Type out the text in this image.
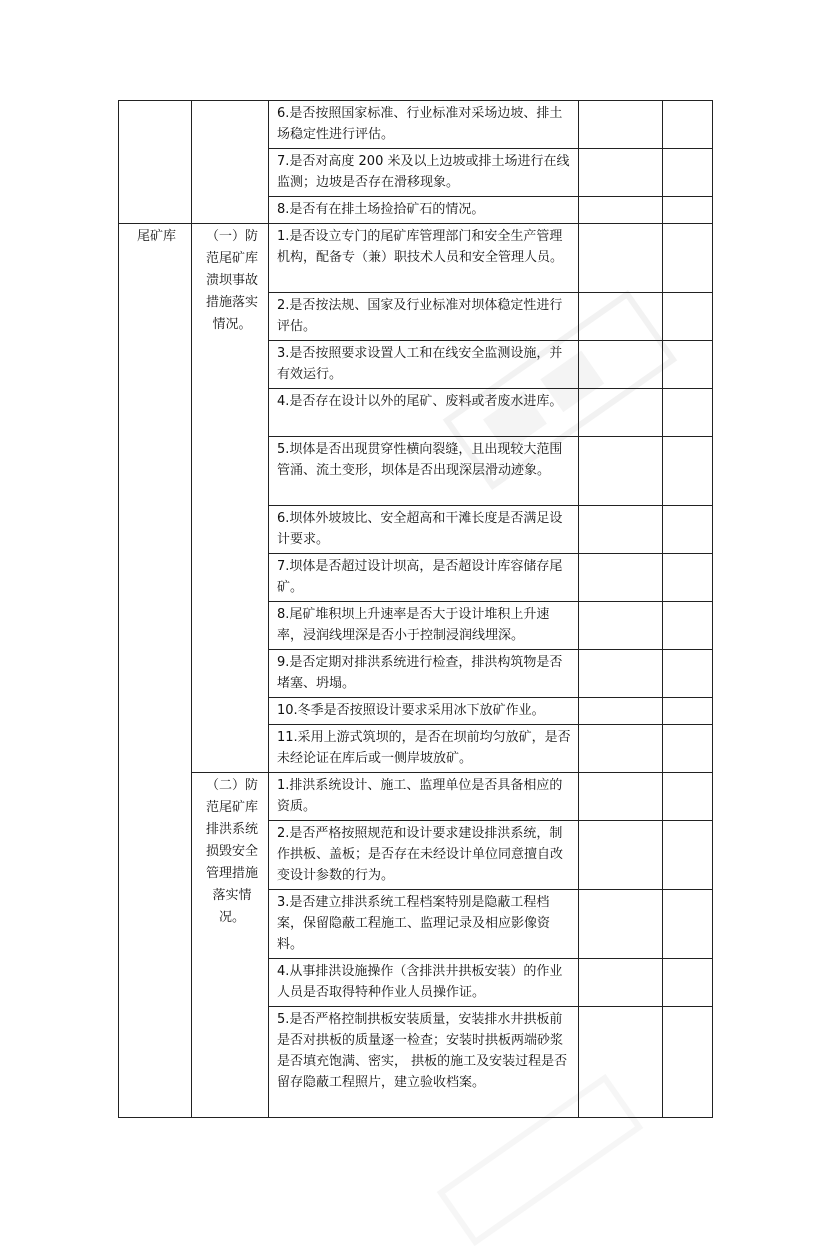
		6.是否按照国家标准、行业标准对采场边坡、排土场稳定性进行评估。		
		7.是否对高度 200 米及以上边坡或排土场进行在线监测；边坡是否存在滑移现象。		
		8.是否有在排土场捡拾矿石的情况。		
尾矿库	（一）防范尾矿库溃坝事故措施落实情况。	1.是否设立专门的尾矿库管理部门和安全生产管理机构，配备专（兼）职技术人员和安全管理人员。		
		2.是否按法规、国家及行业标准对坝体稳定性进行评估。		
		3.是否按照要求设置人工和在线安全监测设施，并有效运行。		
		4.是否存在设计以外的尾矿、废料或者废水进库。		
		5.坝体是否出现贯穿性横向裂缝，且出现较大范围管涌、流土变形，坝体是否出现深层滑动迹象。		
		6.坝体外坡坡比、安全超高和干滩长度是否满足设计要求。		
		7.坝体是否超过设计坝高，是否超设计库容储存尾矿。		
		8.尾矿堆积坝上升速率是否大于设计堆积上升速率，浸润线埋深是否小于控制浸润线埋深。		
		9.是否定期对排洪系统进行检查，排洪构筑物是否堵塞、坍塌。		
		10.冬季是否按照设计要求采用冰下放矿作业。		
		11.采用上游式筑坝的，是否在坝前均匀放矿，是否未经论证在库后或一侧岸坡放矿。		
	（二）防范尾矿库排洪系统损毁安全管理措施落实情况。	1.排洪系统设计、施工、监理单位是否具备相应的资质。		
		2.是否严格按照规范和设计要求建设排洪系统，制作拱板、盖板；是否存在未经设计单位同意擅自改变设计参数的行为。		
		3.是否建立排洪系统工程档案特别是隐蔽工程档案，保留隐蔽工程施工、监理记录及相应影像资料。		
		4.从事排洪设施操作（含排洪井拱板安装）的作业人员是否取得特种作业人员操作证。		
		5.是否严格控制拱板安装质量，安装排水井拱板前是否对拱板的质量逐一检查；安装时拱板两端砂浆是否填充饱满、密实， 拱板的施工及安装过程是否留存隐蔽工程照片，建立验收档案。		
